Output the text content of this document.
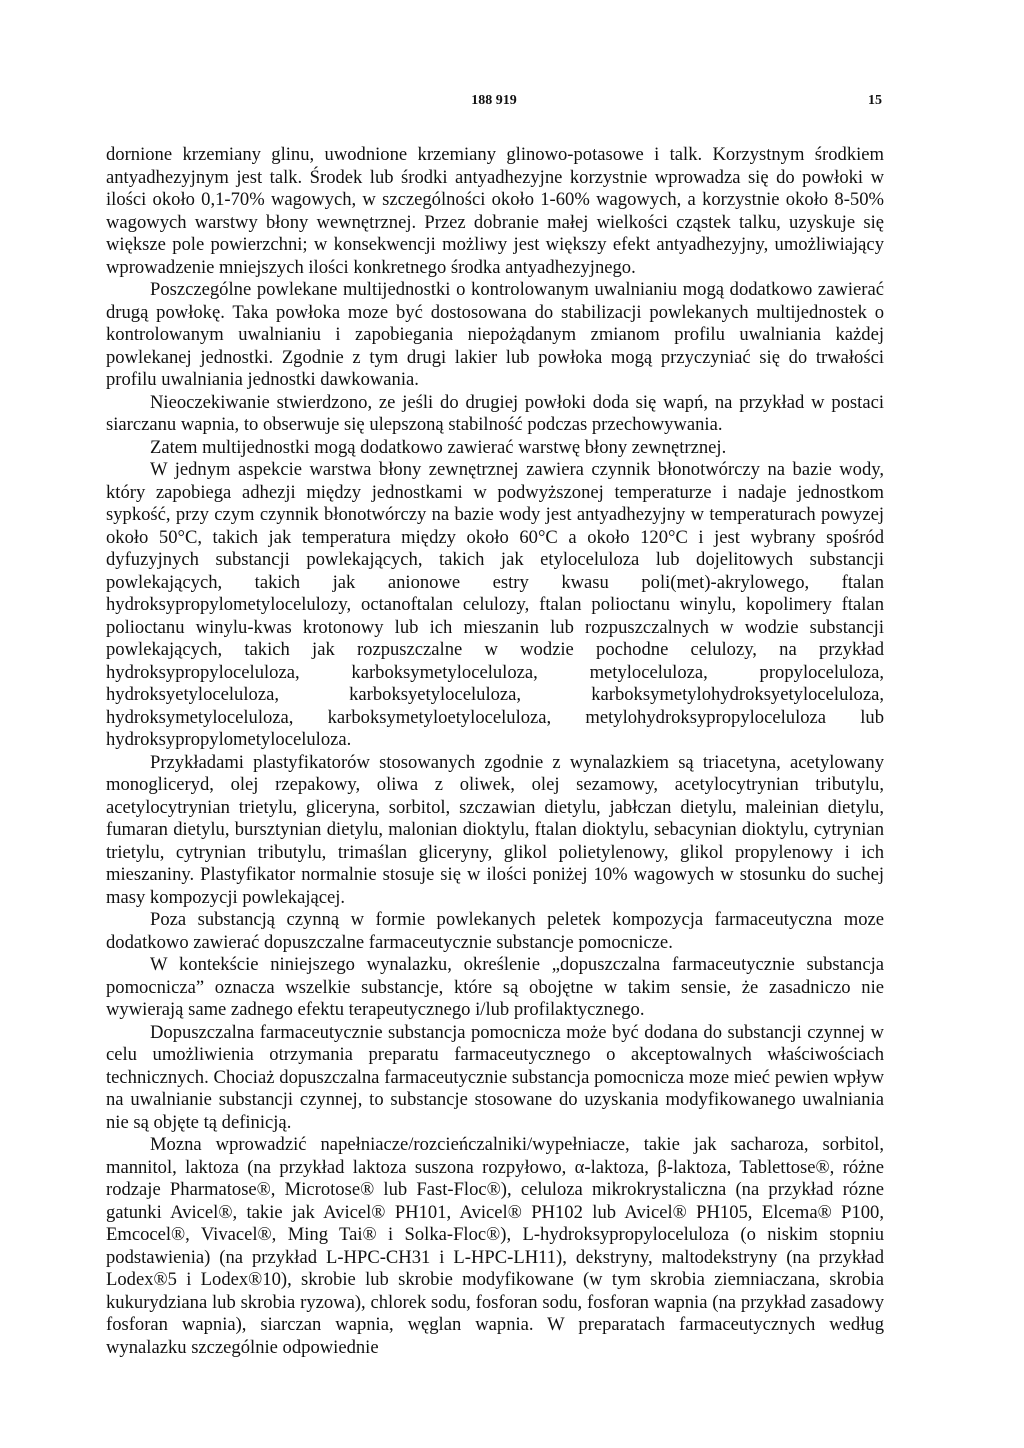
188 919	15

dornione krzemiany glinu, uwodnione krzemiany glinowo-potasowe i talk. Korzystnym środkiem antyadhezyjnym jest talk. Środek lub środki antyadhezyjne korzystnie wprowadza się do powłoki w ilości około 0,1-70% wagowych, w szczególności około 1-60% wagowych, a korzystnie około 8-50% wagowych warstwy błony wewnętrznej. Przez dobranie małej wielkości cząstek talku, uzyskuje się większe pole powierzchni; w konsekwencji możliwy jest większy efekt antyadhezyjny, umożliwiający wprowadzenie mniejszych ilości konkretnego środka antyadhezyjnego.

Poszczególne powlekane multijednostki o kontrolowanym uwalnianiu mogą dodatkowo zawierać drugą powłokę. Taka powłoka moze być dostosowana do stabilizacji powlekanych multijednostek o kontrolowanym uwalnianiu i zapobiegania niepożądanym zmianom profilu uwalniania każdej powlekanej jednostki. Zgodnie z tym drugi lakier lub powłoka mogą przyczyniać się do trwałości profilu uwalniania jednostki dawkowania.

Nieoczekiwanie stwierdzono, ze jeśli do drugiej powłoki doda się wapń, na przykład w postaci siarczanu wapnia, to obserwuje się ulepszoną stabilność podczas przechowywania.

Zatem multijednostki mogą dodatkowo zawierać warstwę błony zewnętrznej.

W jednym aspekcie warstwa błony zewnętrznej zawiera czynnik błonotwórczy na bazie wody, który zapobiega adhezji między jednostkami w podwyższonej temperaturze i nadaje jednostkom sypkość, przy czym czynnik błonotwórczy na bazie wody jest antyadhezyjny w temperaturach powyzej około 50°C, takich jak temperatura między około 60°C a około 120°C i jest wybrany spośród dyfuzyjnych substancji powlekających, takich jak etyloceluloza lub dojelitowych substancji powlekających, takich jak anionowe estry kwasu poli(met)-akrylowego, ftalan hydroksypropylometylocelulozy, octanoftalan celulozy, ftalan polioctanu winylu, kopolimery ftalan polioctanu winylu-kwas krotonowy lub ich mieszanin lub rozpuszczalnych w wodzie substancji powlekających, takich jak rozpuszczalne w wodzie pochodne celulozy, na przykład hydroksypropyloceluloza, karboksymetyloceluloza, metyloceluloza, propyloceluloza, hydroksyetyloceluloza, karboksyetyloceluloza, karboksymetylohydroksyetyloceluloza, hydroksymetyloceluloza, karboksymetyloetyloceluloza, metylohydroksypropyloceluloza lub hydroksypropylometyloceluloza.

Przykładami plastyfikatorów stosowanych zgodnie z wynalazkiem są triacetyna, acetylowany monogliceryd, olej rzepakowy, oliwa z oliwek, olej sezamowy, acetylocytrynian tributylu, acetylocytrynian trietylu, gliceryna, sorbitol, szczawian dietylu, jabłczan dietylu, maleinian dietylu, fumaran dietylu, bursztynian dietylu, malonian dioktylu, ftalan dioktylu, sebacynian dioktylu, cytrynian trietylu, cytrynian tributylu, trimaślan gliceryny, glikol polietylenowy, glikol propylenowy i ich mieszaniny. Plastyfikator normalnie stosuje się w ilości poniżej 10% wagowych w stosunku do suchej masy kompozycji powlekającej.

Poza substancją czynną w formie powlekanych peletek kompozycja farmaceutyczna moze dodatkowo zawierać dopuszczalne farmaceutycznie substancje pomocnicze.

W kontekście niniejszego wynalazku, określenie „dopuszczalna farmaceutycznie substancja pomocnicza” oznacza wszelkie substancje, które są obojętne w takim sensie, że zasadniczo nie wywierają same zadnego efektu terapeutycznego i/lub profilaktycznego.

Dopuszczalna farmaceutycznie substancja pomocnicza może być dodana do substancji czynnej w celu umożliwienia otrzymania preparatu farmaceutycznego o akceptowalnych właściwościach technicznych. Chociaż dopuszczalna farmaceutycznie substancja pomocnicza moze mieć pewien wpływ na uwalnianie substancji czynnej, to substancje stosowane do uzyskania modyfikowanego uwalniania nie są objęte tą definicją.

Mozna wprowadzić napełniacze/rozcieńczalniki/wypełniacze, takie jak sacharoza, sorbitol, mannitol, laktoza (na przykład laktoza suszona rozpyłowo, α-laktoza, β-laktoza, Tablettose®, różne rodzaje Pharmatose®, Microtose® lub Fast-Floc®), celuloza mikrokrystaliczna (na przykład rózne gatunki Avicel®, takie jak Avicel® PH101, Avicel® PH102 lub Avicel® PH105, Elcema® P100, Emcocel®, Vivacel®, Ming Tai® i Solka-Floc®), L-hydroksypropyloceluloza (o niskim stopniu podstawienia) (na przykład L-HPC-CH31 i L-HPC-LH11), dekstryny, maltodekstryny (na przykład Lodex®5 i Lodex®10), skrobie lub skrobie modyfikowane (w tym skrobia ziemniaczana, skrobia kukurydziana lub skrobia ryzowa), chlorek sodu, fosforan sodu, fosforan wapnia (na przykład zasadowy fosforan wapnia), siarczan wapnia, węglan wapnia. W preparatach farmaceutycznych według wynalazku szczególnie odpowiednie
